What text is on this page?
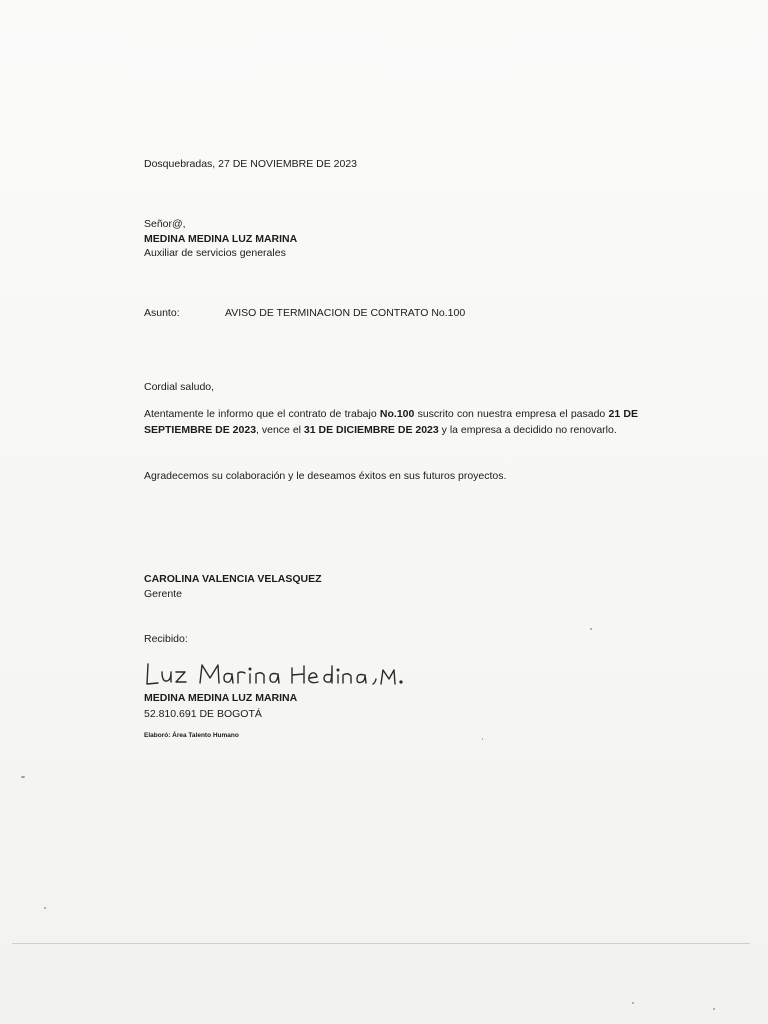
Dosquebradas, 27 DE NOVIEMBRE DE 2023
Señor@,
MEDINA MEDINA LUZ MARINA
Auxiliar de servicios generales
Asunto:	AVISO DE TERMINACION DE CONTRATO No.100
Cordial saludo,
Atentamente le informo que el contrato de trabajo No.100 suscrito con nuestra empresa el pasado 21 DE SEPTIEMBRE DE 2023, vence el 31 DE DICIEMBRE DE 2023 y la empresa a decidido no renovarlo.
Agradecemos su colaboración y le deseamos éxitos en sus futuros proyectos.
CAROLINA VALENCIA VELASQUEZ
Gerente
Recibido:
MEDINA MEDINA LUZ MARINA
52.810.691 DE BOGOTÁ
Elaboró: Área Talento Humano
